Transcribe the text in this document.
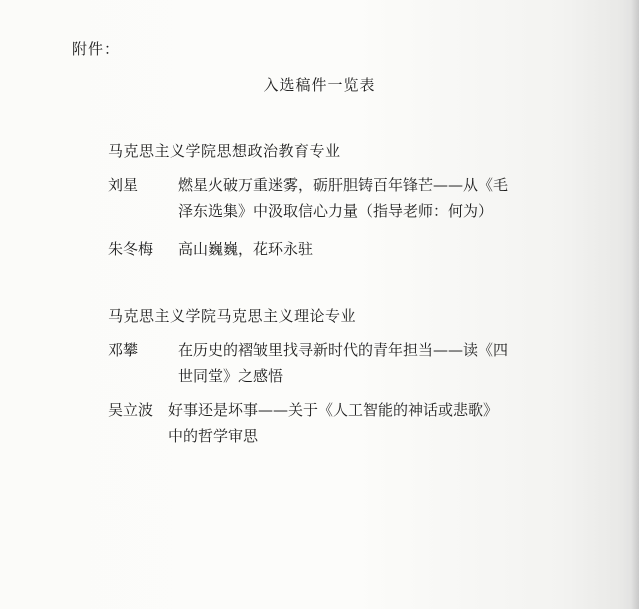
附件：
入选稿件一览表
马克思主义学院思想政治教育专业
刘星	燃星火破万重迷雾，砺肝胆铸百年锋芒——从《毛
泽东选集》中汲取信心力量（指导老师：何为）
朱冬梅 高山巍巍，花环永驻
马克思主义学院马克思主义理论专业
邓攀	在历史的褶皱里找寻新时代的青年担当——读《四
世同堂》之感悟
吴立波 好事还是坏事——关于《人工智能的神话或悲歌》
中的哲学审思
